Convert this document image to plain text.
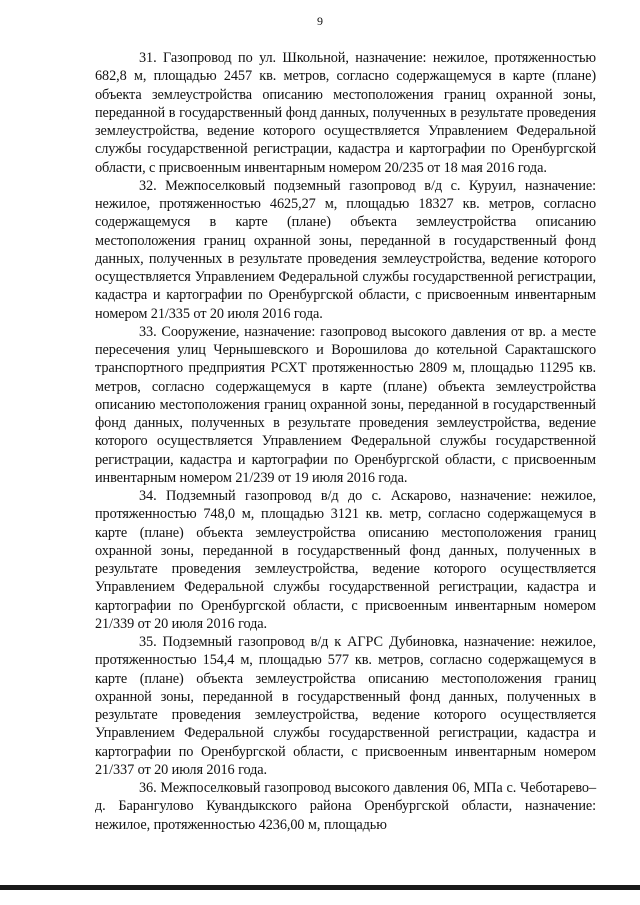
9

31. Газопровод по ул. Школьной, назначение: нежилое, протяженностью 682,8 м, площадью 2457 кв. метров, согласно содержащемуся в карте (плане) объекта землеустройства описанию местоположения границ охранной зоны, переданной в государственный фонд данных, полученных в результате проведения землеустройства, ведение которого осуществляется Управлением Федеральной службы государственной регистрации, кадастра и картографии по Оренбургской области, с присвоенным инвентарным номером 20/235 от 18 мая 2016 года.

32. Межпоселковый подземный газопровод в/д с. Куруил, назначение: нежилое, протяженностью 4625,27 м, площадью 18327 кв. метров, согласно содержащемуся в карте (плане) объекта землеустройства описанию местоположения границ охранной зоны, переданной в государственный фонд данных, полученных в результате проведения землеустройства, ведение которого осуществляется Управлением Федеральной службы государственной регистрации, кадастра и картографии по Оренбургской области, с присвоенным инвентарным номером 21/335 от 20 июля 2016 года.

33. Сооружение, назначение: газопровод высокого давления от вр. а месте пересечения улиц Чернышевского и Ворошилова до котельной Саракташского транспортного предприятия РСХТ протяженностью 2809 м, площадью 11295 кв. метров, согласно содержащемуся в карте (плане) объекта землеустройства описанию местоположения границ охранной зоны, переданной в государственный фонд данных, полученных в результате проведения землеустройства, ведение которого осуществляется Управлением Федеральной службы государственной регистрации, кадастра и картографии по Оренбургской области, с присвоенным инвентарным номером 21/239 от 19 июля 2016 года.

34. Подземный газопровод в/д до с. Аскарово, назначение: нежилое, протяженностью 748,0 м, площадью 3121 кв. метр, согласно содержащемуся в карте (плане) объекта землеустройства описанию местоположения границ охранной зоны, переданной в государственный фонд данных, полученных в результате проведения землеустройства, ведение которого осуществляется Управлением Федеральной службы государственной регистрации, кадастра и картографии по Оренбургской области, с присвоенным инвентарным номером 21/339 от 20 июля 2016 года.

35. Подземный газопровод в/д к АГРС Дубиновка, назначение: нежилое, протяженностью 154,4 м, площадью 577 кв. метров, согласно содержащемуся в карте (плане) объекта землеустройства описанию местоположения границ охранной зоны, переданной в государственный фонд данных, полученных в результате проведения землеустройства, ведение которого осуществляется Управлением Федеральной службы государственной регистрации, кадастра и картографии по Оренбургской области, с присвоенным инвентарным номером 21/337 от 20 июля 2016 года.

36. Межпоселковый газопровод высокого давления 06, МПа с. Чеботарево–д. Барангулово Кувандыкского района Оренбургской области, назначение: нежилое, протяженностью 4236,00 м, площадью
